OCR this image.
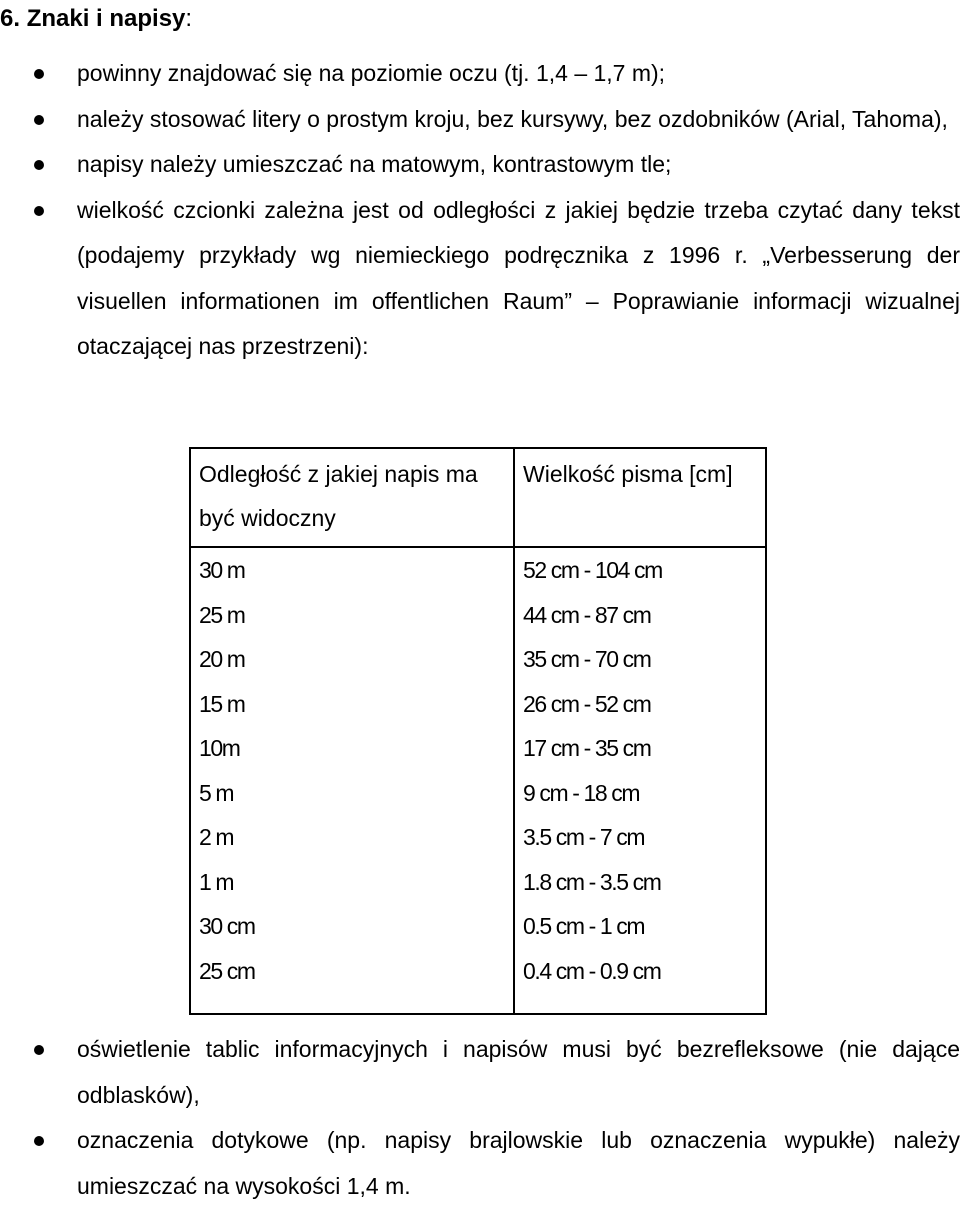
6. Znaki i napisy:
powinny znajdować się na poziomie oczu (tj. 1,4 – 1,7 m);
należy stosować litery o prostym kroju, bez kursywy, bez ozdobników (Arial, Tahoma),
napisy należy umieszczać na matowym, kontrastowym tle;
wielkość czcionki zależna jest od odległości z jakiej będzie trzeba czytać dany tekst (podajemy przykłady wg niemieckiego podręcznika z 1996 r. „Verbesserung der visuellen informationen im offentlichen Raum” – Poprawianie informacji wizualnej otaczającej nas przestrzeni):
Odległość z jakiej napis ma być widoczny	Wielkość pisma [cm]
30 m	52 cm - 104 cm
25 m	44 cm - 87 cm
20 m	35 cm - 70 cm
15 m	26 cm - 52 cm
10m	17 cm - 35 cm
5 m	9 cm - 18 cm
2 m	3.5 cm - 7 cm
1 m	1.8 cm - 3.5 cm
30 cm	0.5 cm - 1 cm
25 cm	0.4 cm - 0.9 cm
oświetlenie tablic informacyjnych i napisów musi być bezrefleksowe (nie dające odblasków),
oznaczenia dotykowe (np. napisy brajlowskie lub oznaczenia wypukłe) należy umieszczać na wysokości 1,4 m.
